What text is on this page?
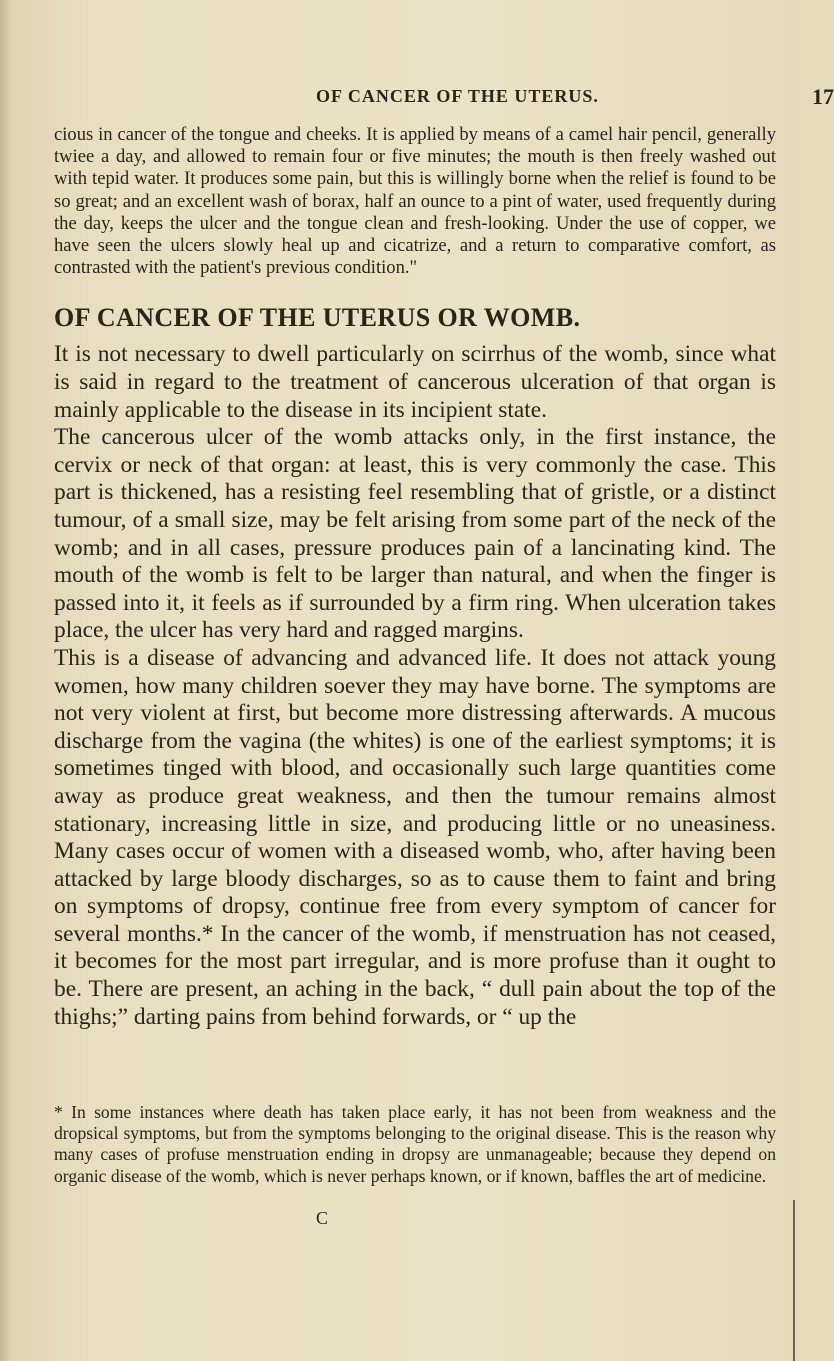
OF CANCER OF THE UTERUS.	17

cious in cancer of the tongue and cheeks. It is applied by means of a camel hair pencil, generally twiee a day, and allowed to remain four or five minutes; the mouth is then freely washed out with tepid water. It produces some pain, but this is willingly borne when the relief is found to be so great; and an excellent wash of borax, half an ounce to a pint of water, used frequently during the day, keeps the ulcer and the tongue clean and fresh-looking. Under the use of copper, we have seen the ulcers slowly heal up and cicatrize, and a return to comparative comfort, as contrasted with the patient's previous condition."

OF CANCER OF THE UTERUS OR WOMB.

It is not necessary to dwell particularly on scirrhus of the womb, since what is said in regard to the treatment of cancerous ulceration of that organ is mainly applicable to the disease in its incipient state.

The cancerous ulcer of the womb attacks only, in the first instance, the cervix or neck of that organ: at least, this is very commonly the case. This part is thickened, has a resisting feel resembling that of gristle, or a distinct tumour, of a small size, may be felt arising from some part of the neck of the womb; and in all cases, pressure produces pain of a lancinating kind. The mouth of the womb is felt to be larger than natural, and when the finger is passed into it, it feels as if surrounded by a firm ring. When ulceration takes place, the ulcer has very hard and ragged margins.

This is a disease of advancing and advanced life. It does not attack young women, how many children soever they may have borne. The symptoms are not very violent at first, but become more distressing afterwards. A mucous discharge from the vagina (the whites) is one of the earliest symptoms; it is sometimes tinged with blood, and occasionally such large quantities come away as produce great weakness, and then the tumour remains almost stationary, increasing little in size, and producing little or no uneasiness. Many cases occur of women with a diseased womb, who, after having been attacked by large bloody discharges, so as to cause them to faint and bring on symptoms of dropsy, continue free from every symptom of cancer for several months.* In the cancer of the womb, if menstruation has not ceased, it becomes for the most part irregular, and is more profuse than it ought to be. There are present, an aching in the back, “ dull pain about the top of the thighs;” darting pains from behind forwards, or “ up the

* In some instances where death has taken place early, it has not been from weakness and the dropsical symptoms, but from the symptoms belonging to the original disease. This is the reason why many cases of profuse menstruation ending in dropsy are unmanageable; because they depend on organic disease of the womb, which is never perhaps known, or if known, baffles the art of medicine.

C
